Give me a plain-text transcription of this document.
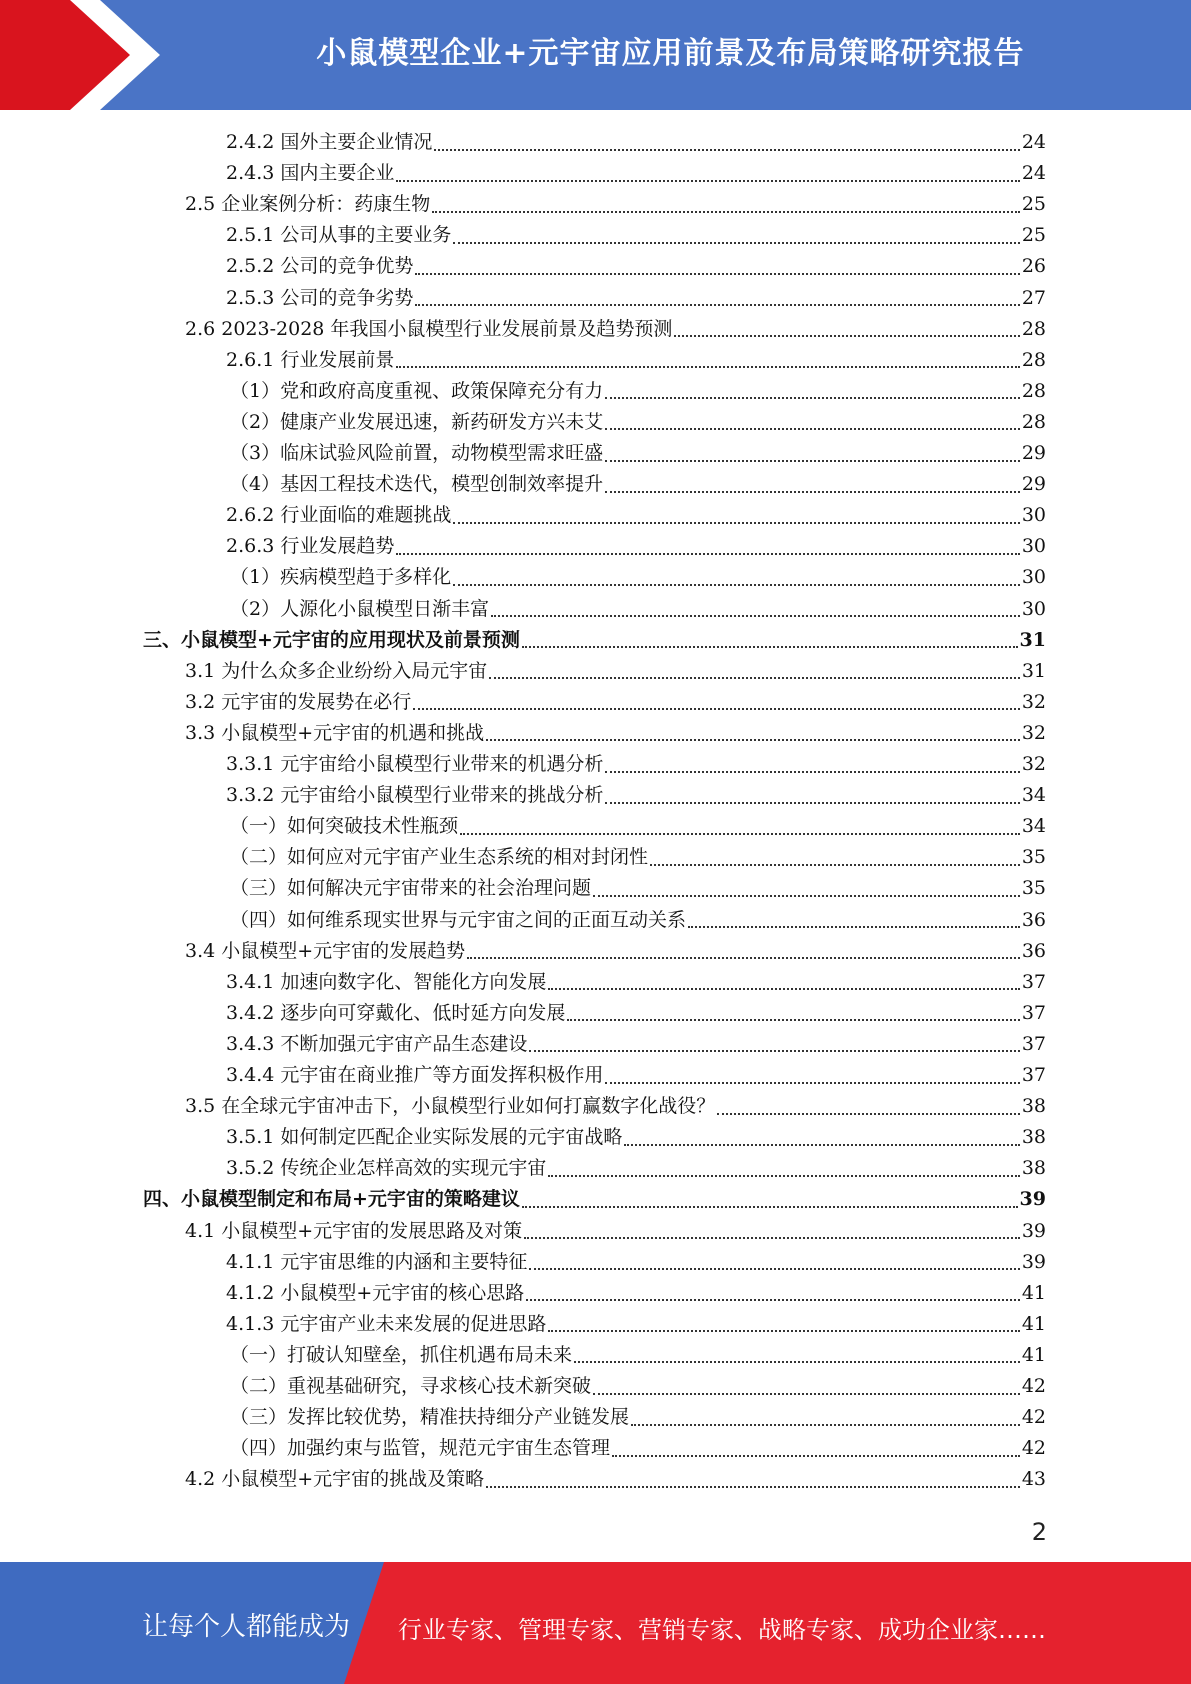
小鼠模型企业+元宇宙应用前景及布局策略研究报告
2.4.2 国外主要企业情况	24
2.4.3 国内主要企业	24
2.5 企业案例分析：药康生物	25
2.5.1 公司从事的主要业务	25
2.5.2 公司的竞争优势	26
2.5.3 公司的竞争劣势	27
2.6 2023-2028 年我国小鼠模型行业发展前景及趋势预测	28
2.6.1 行业发展前景	28
（1）党和政府高度重视、政策保障充分有力	28
（2）健康产业发展迅速，新药研发方兴未艾	28
（3）临床试验风险前置，动物模型需求旺盛	29
（4）基因工程技术迭代，模型创制效率提升	29
2.6.2 行业面临的难题挑战	30
2.6.3 行业发展趋势	30
（1）疾病模型趋于多样化	30
（2）人源化小鼠模型日渐丰富	30
三、小鼠模型+元宇宙的应用现状及前景预测	31
3.1 为什么众多企业纷纷入局元宇宙	31
3.2 元宇宙的发展势在必行	32
3.3 小鼠模型+元宇宙的机遇和挑战	32
3.3.1 元宇宙给小鼠模型行业带来的机遇分析	32
3.3.2 元宇宙给小鼠模型行业带来的挑战分析	34
（一）如何突破技术性瓶颈	34
（二）如何应对元宇宙产业生态系统的相对封闭性	35
（三）如何解决元宇宙带来的社会治理问题	35
（四）如何维系现实世界与元宇宙之间的正面互动关系	36
3.4 小鼠模型+元宇宙的发展趋势	36
3.4.1 加速向数字化、智能化方向发展	37
3.4.2 逐步向可穿戴化、低时延方向发展	37
3.4.3 不断加强元宇宙产品生态建设	37
3.4.4 元宇宙在商业推广等方面发挥积极作用	37
3.5 在全球元宇宙冲击下，小鼠模型行业如何打赢数字化战役？	38
3.5.1 如何制定匹配企业实际发展的元宇宙战略	38
3.5.2 传统企业怎样高效的实现元宇宙	38
四、小鼠模型制定和布局+元宇宙的策略建议	39
4.1 小鼠模型+元宇宙的发展思路及对策	39
4.1.1 元宇宙思维的内涵和主要特征	39
4.1.2 小鼠模型+元宇宙的核心思路	41
4.1.3 元宇宙产业未来发展的促进思路	41
（一）打破认知壁垒，抓住机遇布局未来	41
（二）重视基础研究，寻求核心技术新突破	42
（三）发挥比较优势，精准扶持细分产业链发展	42
（四）加强约束与监管，规范元宇宙生态管理	42
4.2 小鼠模型+元宇宙的挑战及策略	43
2
让每个人都能成为 行业专家、管理专家、营销专家、战略专家、成功企业家……
